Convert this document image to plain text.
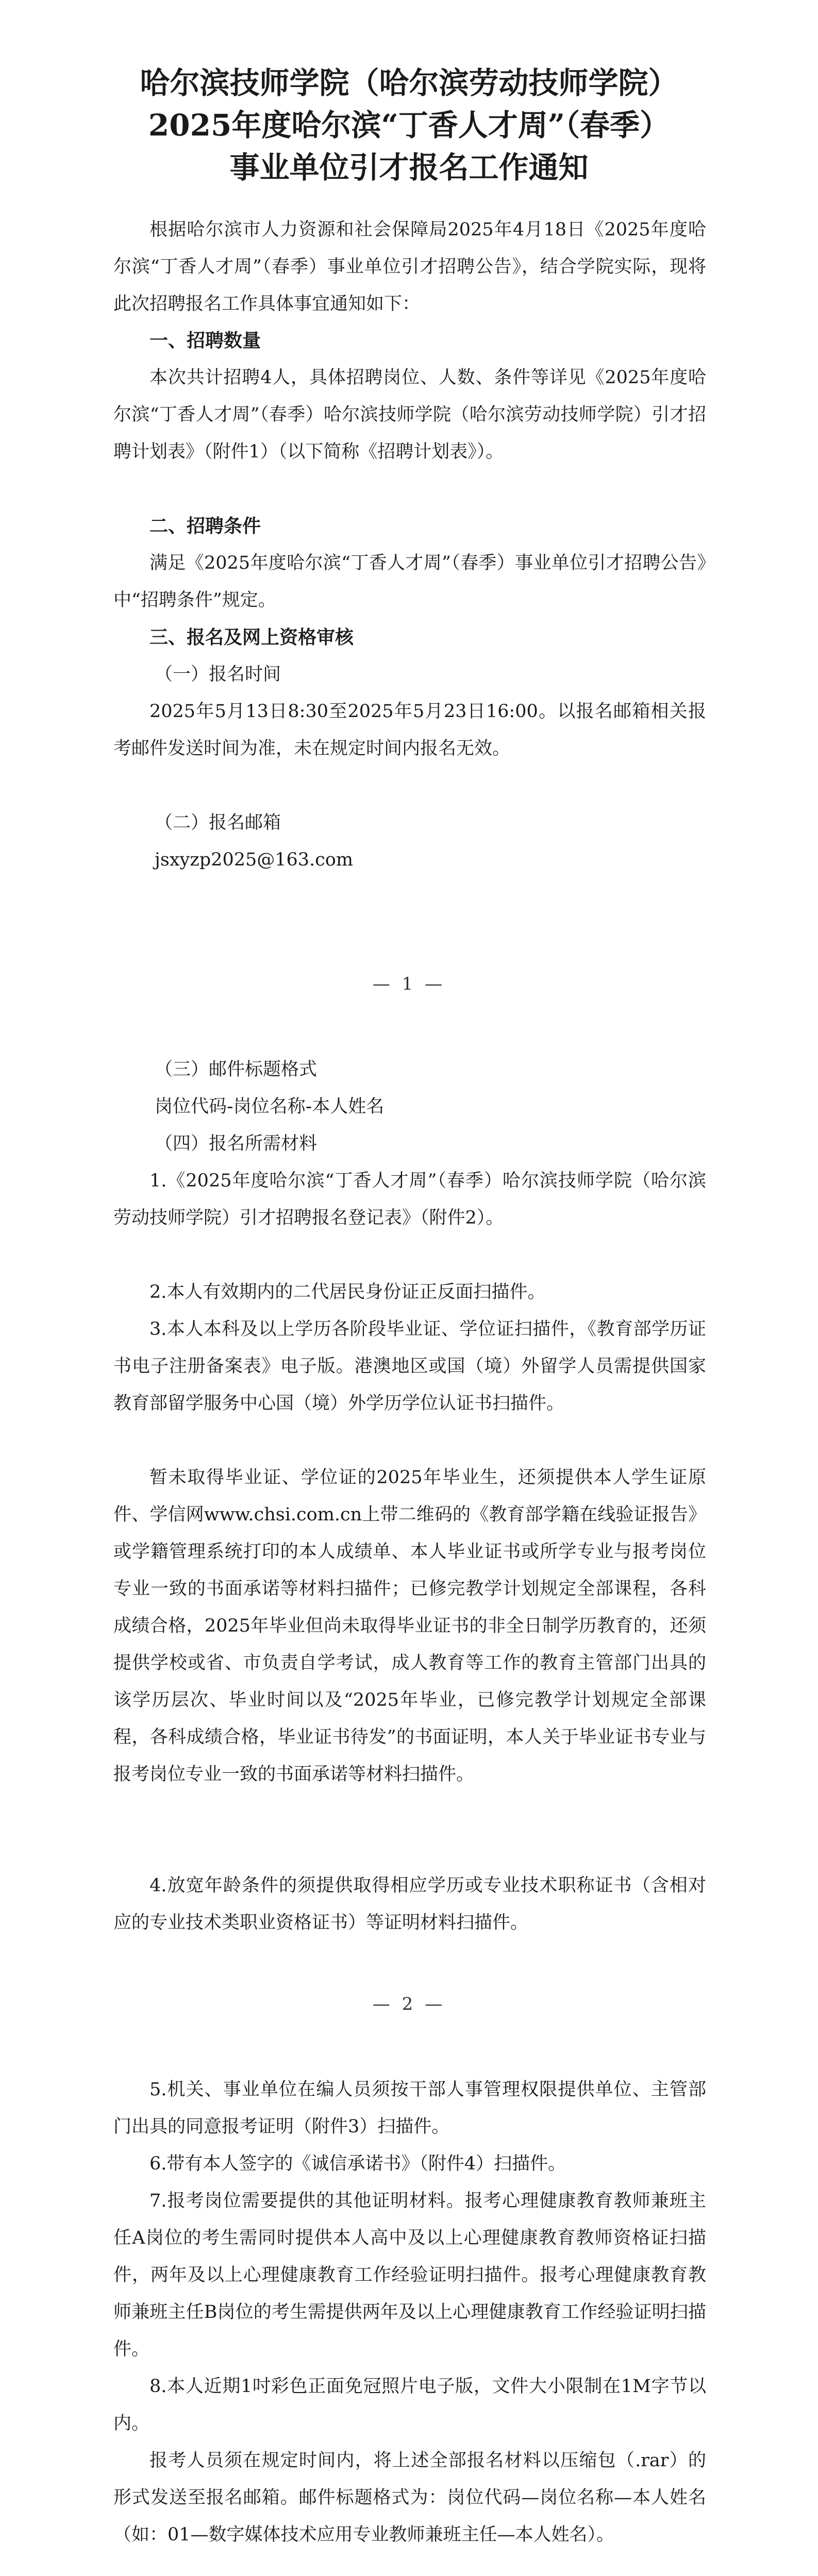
哈尔滨技师学院（哈尔滨劳动技师学院）
2025年度哈尔滨“丁香人才周”（春季）
事业单位引才报名工作通知

根据哈尔滨市人力资源和社会保障局2025年4月18日《2025年度哈尔滨“丁香人才周”（春季）事业单位引才招聘公告》，结合学院实际，现将此次招聘报名工作具体事宜通知如下：

一、招聘数量

本次共计招聘4人，具体招聘岗位、人数、条件等详见《2025年度哈尔滨“丁香人才周”（春季）哈尔滨技师学院（哈尔滨劳动技师学院）引才招聘计划表》（附件1）（以下简称《招聘计划表》）。

二、招聘条件

满足《2025年度哈尔滨“丁香人才周”（春季）事业单位引才招聘公告》中“招聘条件”规定。

三、报名及网上资格审核
（一）报名时间

2025年5月13日8:30至2025年5月23日16:00。以报名邮箱相关报考邮件发送时间为准，未在规定时间内报名无效。

（二）报名邮箱
jsxyzp2025@163.com
— 1 —
（三）邮件标题格式
岗位代码-岗位名称-本人姓名
（四）报名所需材料

1.《2025年度哈尔滨“丁香人才周”（春季）哈尔滨技师学院（哈尔滨劳动技师学院）引才招聘报名登记表》（附件2）。

2.本人有效期内的二代居民身份证正反面扫描件。

3.本人本科及以上学历各阶段毕业证、学位证扫描件，《教育部学历证书电子注册备案表》电子版。港澳地区或国（境）外留学人员需提供国家教育部留学服务中心国（境）外学历学位认证书扫描件。

暂未取得毕业证、学位证的2025年毕业生，还须提供本人学生证原件、学信网www.chsi.com.cn上带二维码的《教育部学籍在线验证报告》或学籍管理系统打印的本人成绩单、本人毕业证书或所学专业与报考岗位专业一致的书面承诺等材料扫描件；已修完教学计划规定全部课程，各科成绩合格，2025年毕业但尚未取得毕业证书的非全日制学历教育的，还须提供学校或省、市负责自学考试，成人教育等工作的教育主管部门出具的该学历层次、毕业时间以及“2025年毕业，已修完教学计划规定全部课程，各科成绩合格，毕业证书待发”的书面证明，本人关于毕业证书专业与报考岗位专业一致的书面承诺等材料扫描件。

4.放宽年龄条件的须提供取得相应学历或专业技术职称证书（含相对应的专业技术类职业资格证书）等证明材料扫描件。

— 2 —

5.机关、事业单位在编人员须按干部人事管理权限提供单位、主管部门出具的同意报考证明（附件3）扫描件。

6.带有本人签字的《诚信承诺书》（附件4）扫描件。

7.报考岗位需要提供的其他证明材料。报考心理健康教育教师兼班主任A岗位的考生需同时提供本人高中及以上心理健康教育教师资格证扫描件，两年及以上心理健康教育工作经验证明扫描件。报考心理健康教育教师兼班主任B岗位的考生需提供两年及以上心理健康教育工作经验证明扫描件。

8.本人近期1吋彩色正面免冠照片电子版，文件大小限制在1M字节以内。

报考人员须在规定时间内，将上述全部报名材料以压缩包（.rar）的形式发送至报名邮箱。邮件标题格式为：岗位代码—岗位名称—本人姓名（如：01—数字媒体技术应用专业教师兼班主任—本人姓名）。
